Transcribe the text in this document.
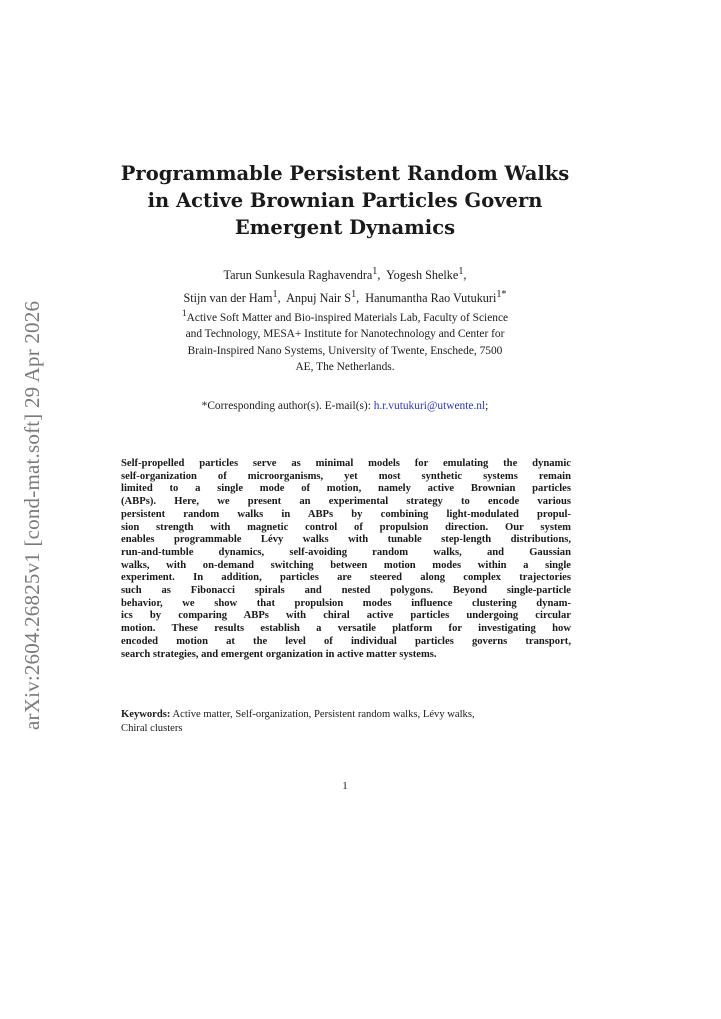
arXiv:2604.26825v1 [cond-mat.soft] 29 Apr 2026
Programmable Persistent Random Walks
in Active Brownian Particles Govern
Emergent Dynamics
Tarun Sunkesula Raghavendra$^1$,  Yogesh Shelke$^1$,
Stijn van der Ham$^1$,  Anpuj Nair $S^1$,  Hanumantha Rao Vutukuri$^{1*}$
$^1$Active Soft Matter and Bio-inspired Materials Lab, Faculty of Science
and Technology, MESA+ Institute for Nanotechnology and Center for
Brain-Inspired Nano Systems, University of Twente, Enschede, 7500
AE, The Netherlands.
*Corresponding author(s). E-mail(s): h.r.vutukuri@utwente.nl;
Self-propelled particles serve as minimal models for emulating the dynamic
self-organization of microorganisms, yet most synthetic systems remain
limited to a single mode of motion, namely active Brownian particles
(ABPs). Here, we present an experimental strategy to encode various
persistent random walks in ABPs by combining light-modulated propul-
sion strength with magnetic control of propulsion direction. Our system
enables programmable Lévy walks with tunable step-length distributions,
run-and-tumble dynamics, self-avoiding random walks, and Gaussian
walks, with on-demand switching between motion modes within a single
experiment. In addition, particles are steered along complex trajectories
such as Fibonacci spirals and nested polygons. Beyond single-particle
behavior, we show that propulsion modes influence clustering dynam-
ics by comparing ABPs with chiral active particles undergoing circular
motion. These results establish a versatile platform for investigating how
encoded motion at the level of individual particles governs transport,
search strategies, and emergent organization in active matter systems.
Keywords: Active matter, Self-organization, Persistent random walks, Lévy walks,
Chiral clusters
1
